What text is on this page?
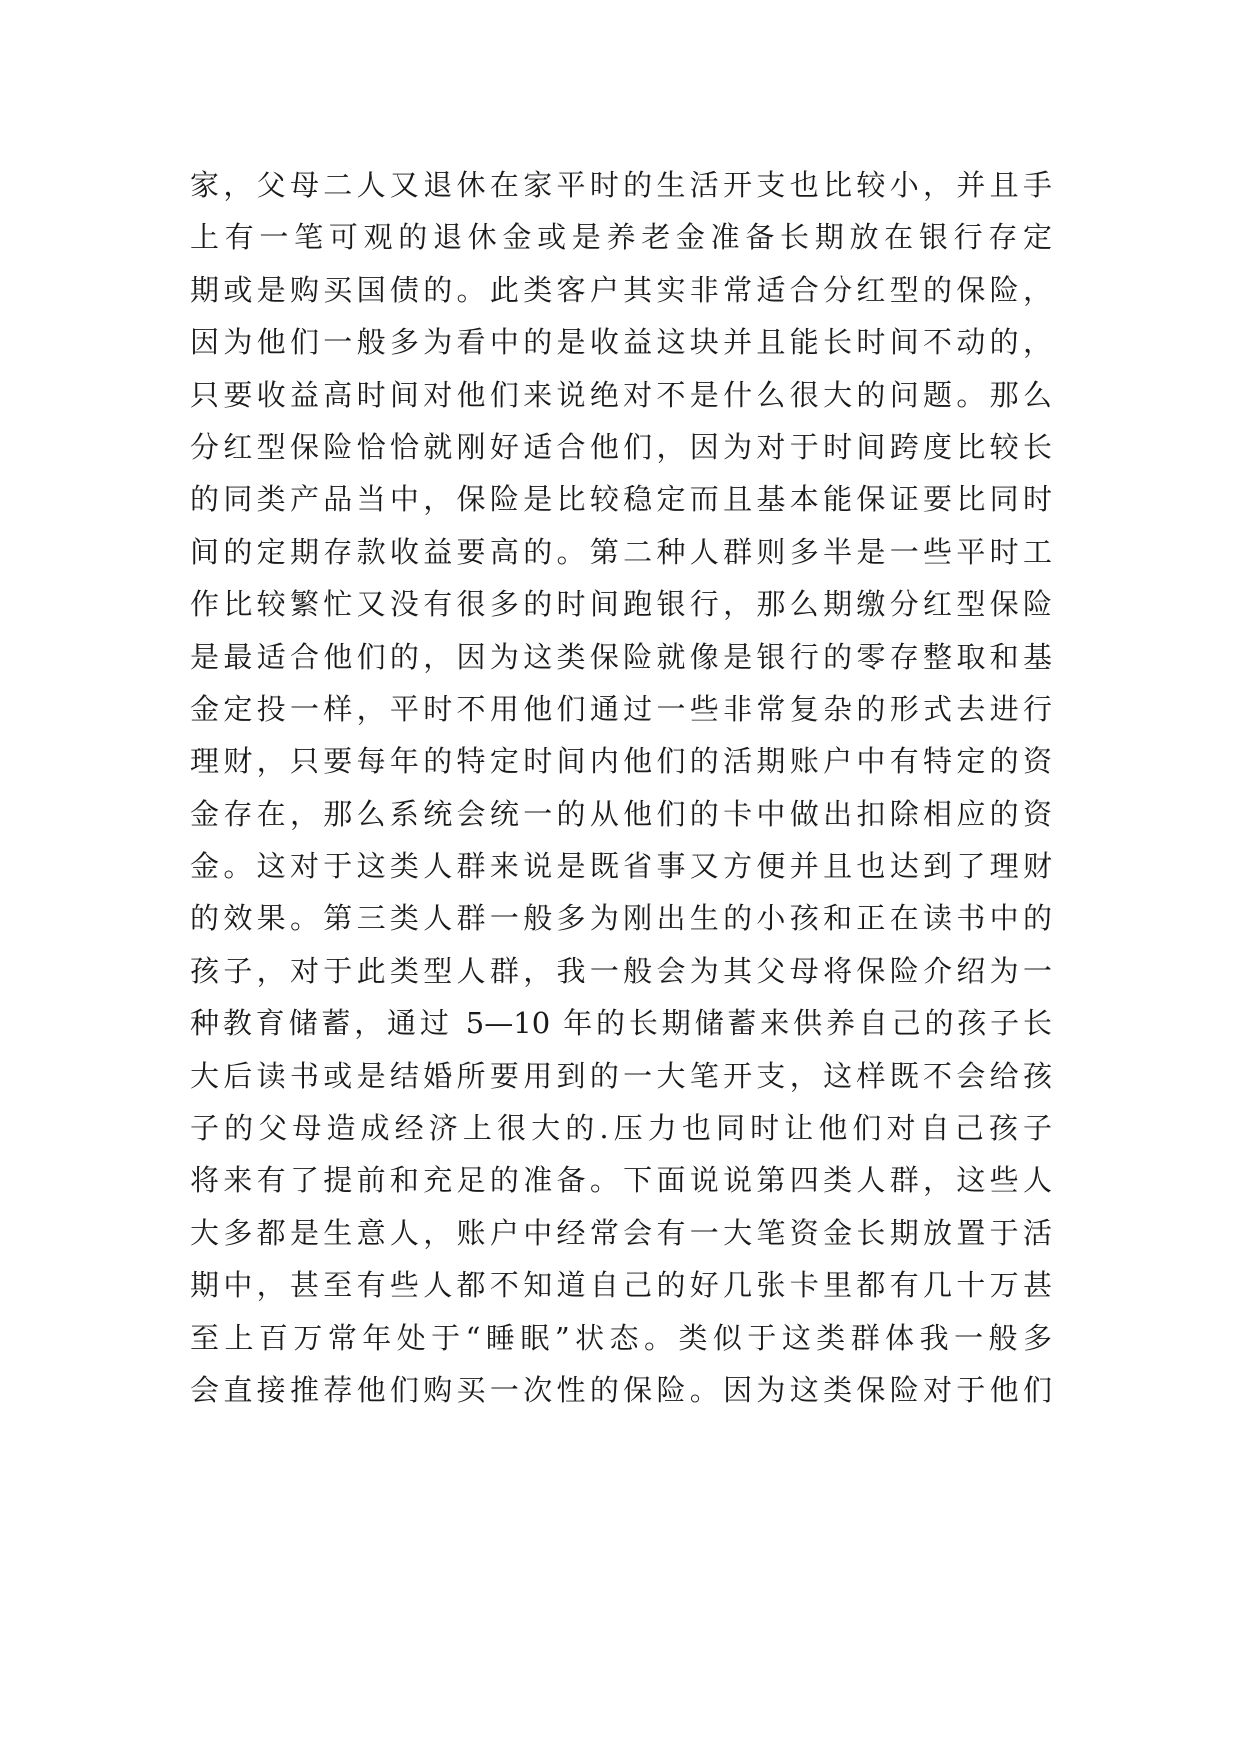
家，父母二人又退休在家平时的生活开支也比较小，并且手
上有一笔可观的退休金或是养老金准备长期放在银行存定
期或是购买国债的。此类客户其实非常适合分红型的保险，
因为他们一般多为看中的是收益这块并且能长时间不动的，
只要收益高时间对他们来说绝对不是什么很大的问题。那么
分红型保险恰恰就刚好适合他们，因为对于时间跨度比较长
的同类产品当中，保险是比较稳定而且基本能保证要比同时
间的定期存款收益要高的。第二种人群则多半是一些平时工
作比较繁忙又没有很多的时间跑银行，那么期缴分红型保险
是最适合他们的，因为这类保险就像是银行的零存整取和基
金定投一样，平时不用他们通过一些非常复杂的形式去进行
理财，只要每年的特定时间内他们的活期账户中有特定的资
金存在，那么系统会统一的从他们的卡中做出扣除相应的资
金。这对于这类人群来说是既省事又方便并且也达到了理财
的效果。第三类人群一般多为刚出生的小孩和正在读书中的
孩子，对于此类型人群，我一般会为其父母将保险介绍为一
种教育储蓄，通过 5—10 年的长期储蓄来供养自己的孩子长
大后读书或是结婚所要用到的一大笔开支，这样既不会给孩
子的父母造成经济上很大的.压力也同时让他们对自己孩子
将来有了提前和充足的准备。下面说说第四类人群，这些人
大多都是生意人，账户中经常会有一大笔资金长期放置于活
期中，甚至有些人都不知道自己的好几张卡里都有几十万甚
至上百万常年处于“睡眠”状态。类似于这类群体我一般多
会直接推荐他们购买一次性的保险。因为这类保险对于他们
